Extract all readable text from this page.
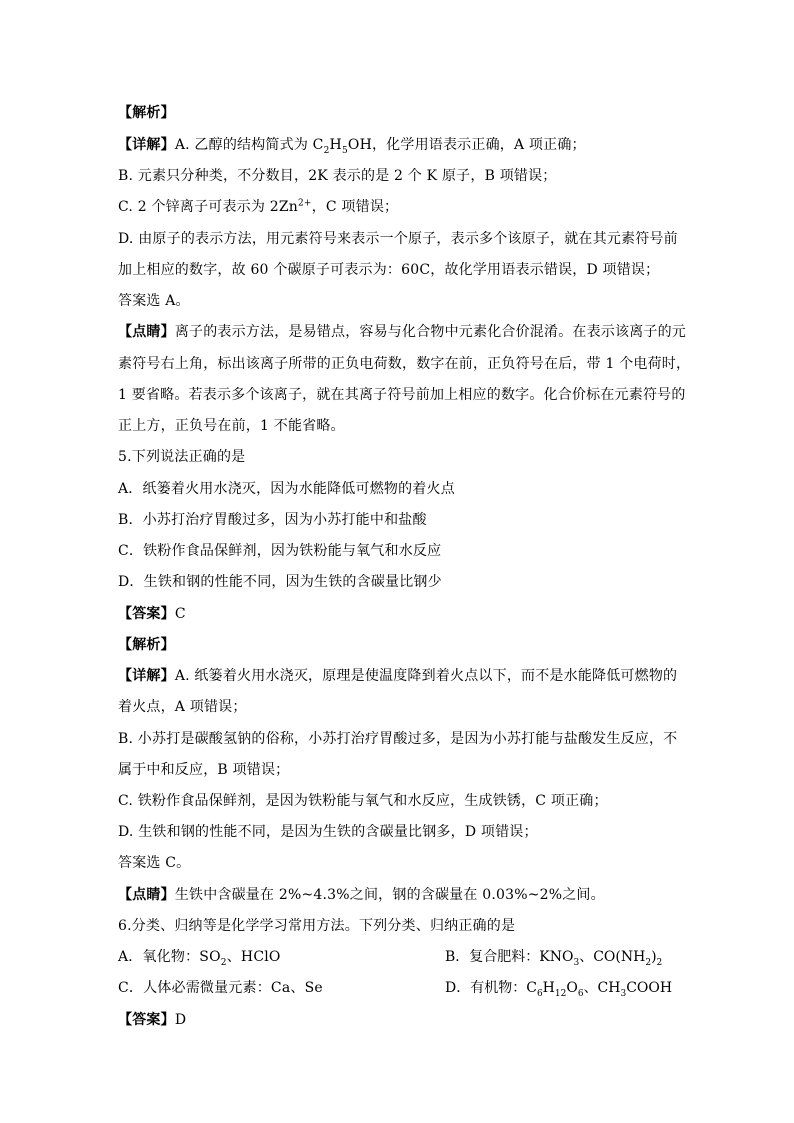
【解析】
【详解】A. 乙醇的结构简式为 $C_2H_5OH$，化学用语表示正确，A 项正确；
B. 元素只分种类，不分数目，2K 表示的是 2 个 K 原子，B 项错误；
C. 2 个锌离子可表示为 $2Zn^{2+}$，C 项错误；
D. 由原子的表示方法，用元素符号来表示一个原子，表示多个该原子，就在其元素符号前
加上相应的数字，故 60 个碳原子可表示为：60C，故化学用语表示错误，D 项错误；
答案选 A。
【点睛】离子的表示方法，是易错点，容易与化合物中元素化合价混淆。在表示该离子的元
素符号右上角，标出该离子所带的正负电荷数，数字在前，正负符号在后，带 1 个电荷时，
1 要省略。若表示多个该离子，就在其离子符号前加上相应的数字。化合价标在元素符号的
正上方，正负号在前，1 不能省略。
5.下列说法正确的是
A．纸篓着火用水浇灭，因为水能降低可燃物的着火点
B．小苏打治疗胃酸过多，因为小苏打能中和盐酸
C．铁粉作食品保鲜剂，因为铁粉能与氧气和水反应
D．生铁和钢的性能不同，因为生铁的含碳量比钢少
【答案】C
【解析】
【详解】A. 纸篓着火用水浇灭，原理是使温度降到着火点以下，而不是水能降低可燃物的
着火点，A 项错误；
B. 小苏打是碳酸氢钠的俗称，小苏打治疗胃酸过多，是因为小苏打能与盐酸发生反应，不
属于中和反应，B 项错误；
C. 铁粉作食品保鲜剂，是因为铁粉能与氧气和水反应，生成铁锈，C 项正确；
D. 生铁和钢的性能不同，是因为生铁的含碳量比钢多，D 项错误；
答案选 C。
【点睛】生铁中含碳量在 2%~4.3%之间，钢的含碳量在 0.03%~2%之间。
6.分类、归纳等是化学学习常用方法。下列分类、归纳正确的是
A．氧化物：$SO_2$、HClO	B．复合肥料：$KNO_3$、$CO(NH_2)_2$
C．人体必需微量元素：Ca、Se	D．有机物：$C_6H_{12}O_6$、$CH_3COOH$
【答案】D
